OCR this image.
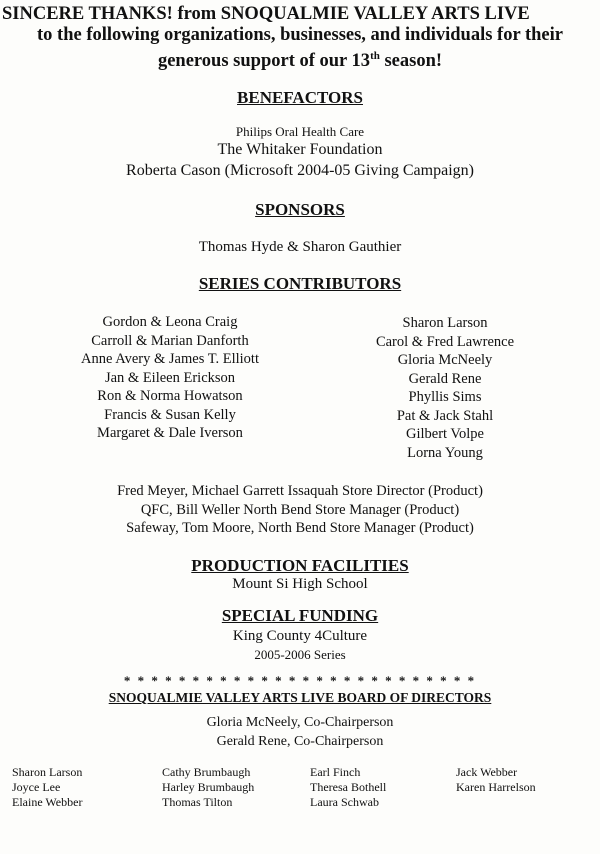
SINCERE THANKS! from SNOQUALMIE VALLEY ARTS LIVE
to the following organizations, businesses, and individuals for their
generous support of our 13th season!
BENEFACTORS
Philips Oral Health Care
The Whitaker Foundation
Roberta Cason (Microsoft 2004-05 Giving Campaign)
SPONSORS
Thomas Hyde & Sharon Gauthier
SERIES CONTRIBUTORS
Gordon & Leona Craig
Carroll & Marian Danforth
Anne Avery & James T. Elliott
Jan & Eileen Erickson
Ron & Norma Howatson
Francis & Susan Kelly
Margaret & Dale Iverson
Sharon Larson
Carol & Fred Lawrence
Gloria McNeely
Gerald Rene
Phyllis Sims
Pat & Jack Stahl
Gilbert Volpe
Lorna Young
Fred Meyer, Michael Garrett Issaquah Store Director (Product)
QFC, Bill Weller North Bend Store Manager (Product)
Safeway, Tom Moore, North Bend Store Manager (Product)
PRODUCTION FACILITIES
Mount Si High School
SPECIAL FUNDING
King County 4Culture
2005-2006 Series
* * * * * * * * * * * * * * * * * * * * * * * * * *
SNOQUALMIE VALLEY ARTS LIVE BOARD OF DIRECTORS
Gloria McNeely, Co-Chairperson
Gerald Rene, Co-Chairperson
Sharon Larson
Joyce Lee
Elaine Webber
Cathy Brumbaugh
Harley Brumbaugh
Thomas Tilton
Earl Finch
Theresa Bothell
Laura Schwab
Jack Webber
Karen Harrelson
